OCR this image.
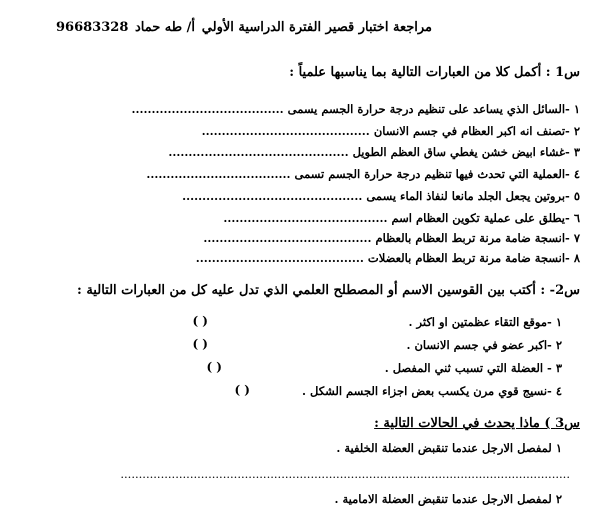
مراجعة اختبار قصير الفترة الدراسية الأولي
أ/ طه حماد
96683328
س1 : أكمل كلا من العبارات التالية بما يناسبها علمياً :
١ -السائل الذي يساعد على تنظيم درجة حرارة الجسم يسمى ......................................
٢ -تصنف انه اكبر العظام في جسم الانسان ..........................................
٣ -غشاء ابيض خشن يغطي ساق العظم الطويل .............................................
٤ -العملية التي تحدث فيها تنظيم درجة حرارة الجسم تسمى ....................................
٥ -بروتين يجعل الجلد مانعا لنفاذ الماء يسمى .............................................
٦ -يطلق على عملية تكوين العظام اسم .........................................
٧ -انسجة ضامة مرنة تربط العظام بالعظام ..........................................
٨ -انسجة ضامة مرنة تربط العظام بالعضلات ..........................................
س2- : أكتب بين القوسين الاسم أو المصطلح العلمي الذي تدل عليه كل من العبارات التالية :
١ -موقع التقاء عظمتين او اكثر .
( )
٢ -اكبر عضو في جسم الانسان .
( )
٣ - العضلة التي تسبب ثني المفصل .
( )
٤ -نسيج قوي مرن يكسب بعض اجزاء الجسم الشكل .
( )
س3 ) ماذا يحدث في الحالات التالية :
١ لمفصل الارجل عندما تنقبض العضلة الخلفية .
...........................................................................................................................
٢ لمفصل الارجل عندما تنقبض العضلة الامامية .
